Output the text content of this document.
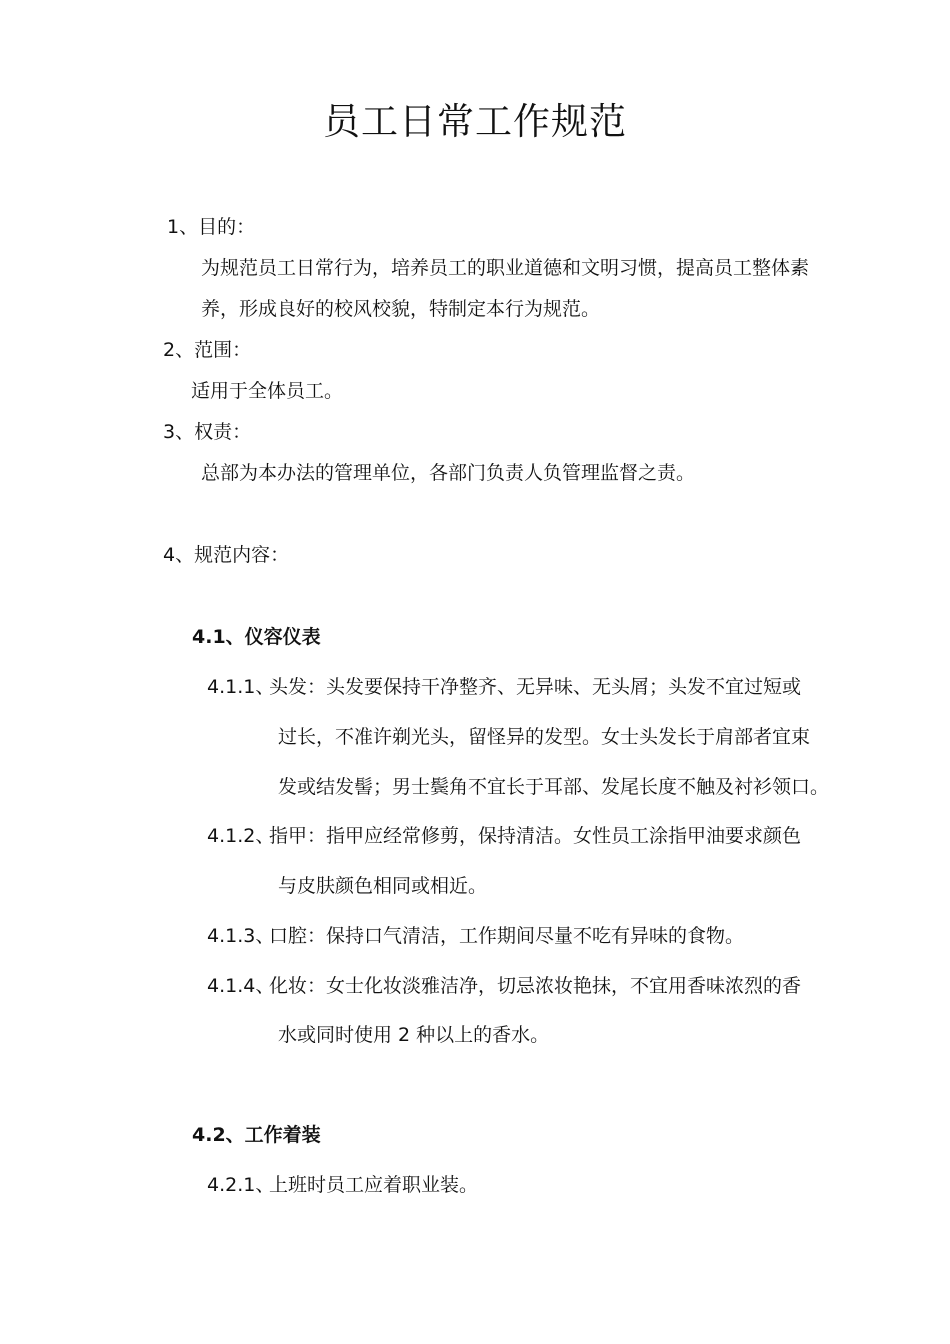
员工日常工作规范
1、目的：
为规范员工日常行为，培养员工的职业道德和文明习惯，提高员工整体素
养，形成良好的校风校貌，特制定本行为规范。
2、范围：
适用于全体员工。
3、权责：
总部为本办法的管理单位，各部门负责人负管理监督之责。
4、规范内容：
4.1、仪容仪表
4.1.1、
头发：头发要保持干净整齐、无异味、无头屑；头发不宜过短或
过长，不准许剃光头，留怪异的发型。女士头发长于肩部者宜束
发或结发髻；男士鬓角不宜长于耳部、发尾长度不触及衬衫领口。
4.1.2、
指甲：指甲应经常修剪，保持清洁。女性员工涂指甲油要求颜色
与皮肤颜色相同或相近。
4.1.3、
口腔：保持口气清洁，工作期间尽量不吃有异味的食物。
4.1.4、
化妆：女士化妆淡雅洁净，切忌浓妆艳抹，不宜用香味浓烈的香
水或同时使用 2 种以上的香水。
4.2、工作着装
4.2.1、
上班时员工应着职业装。
